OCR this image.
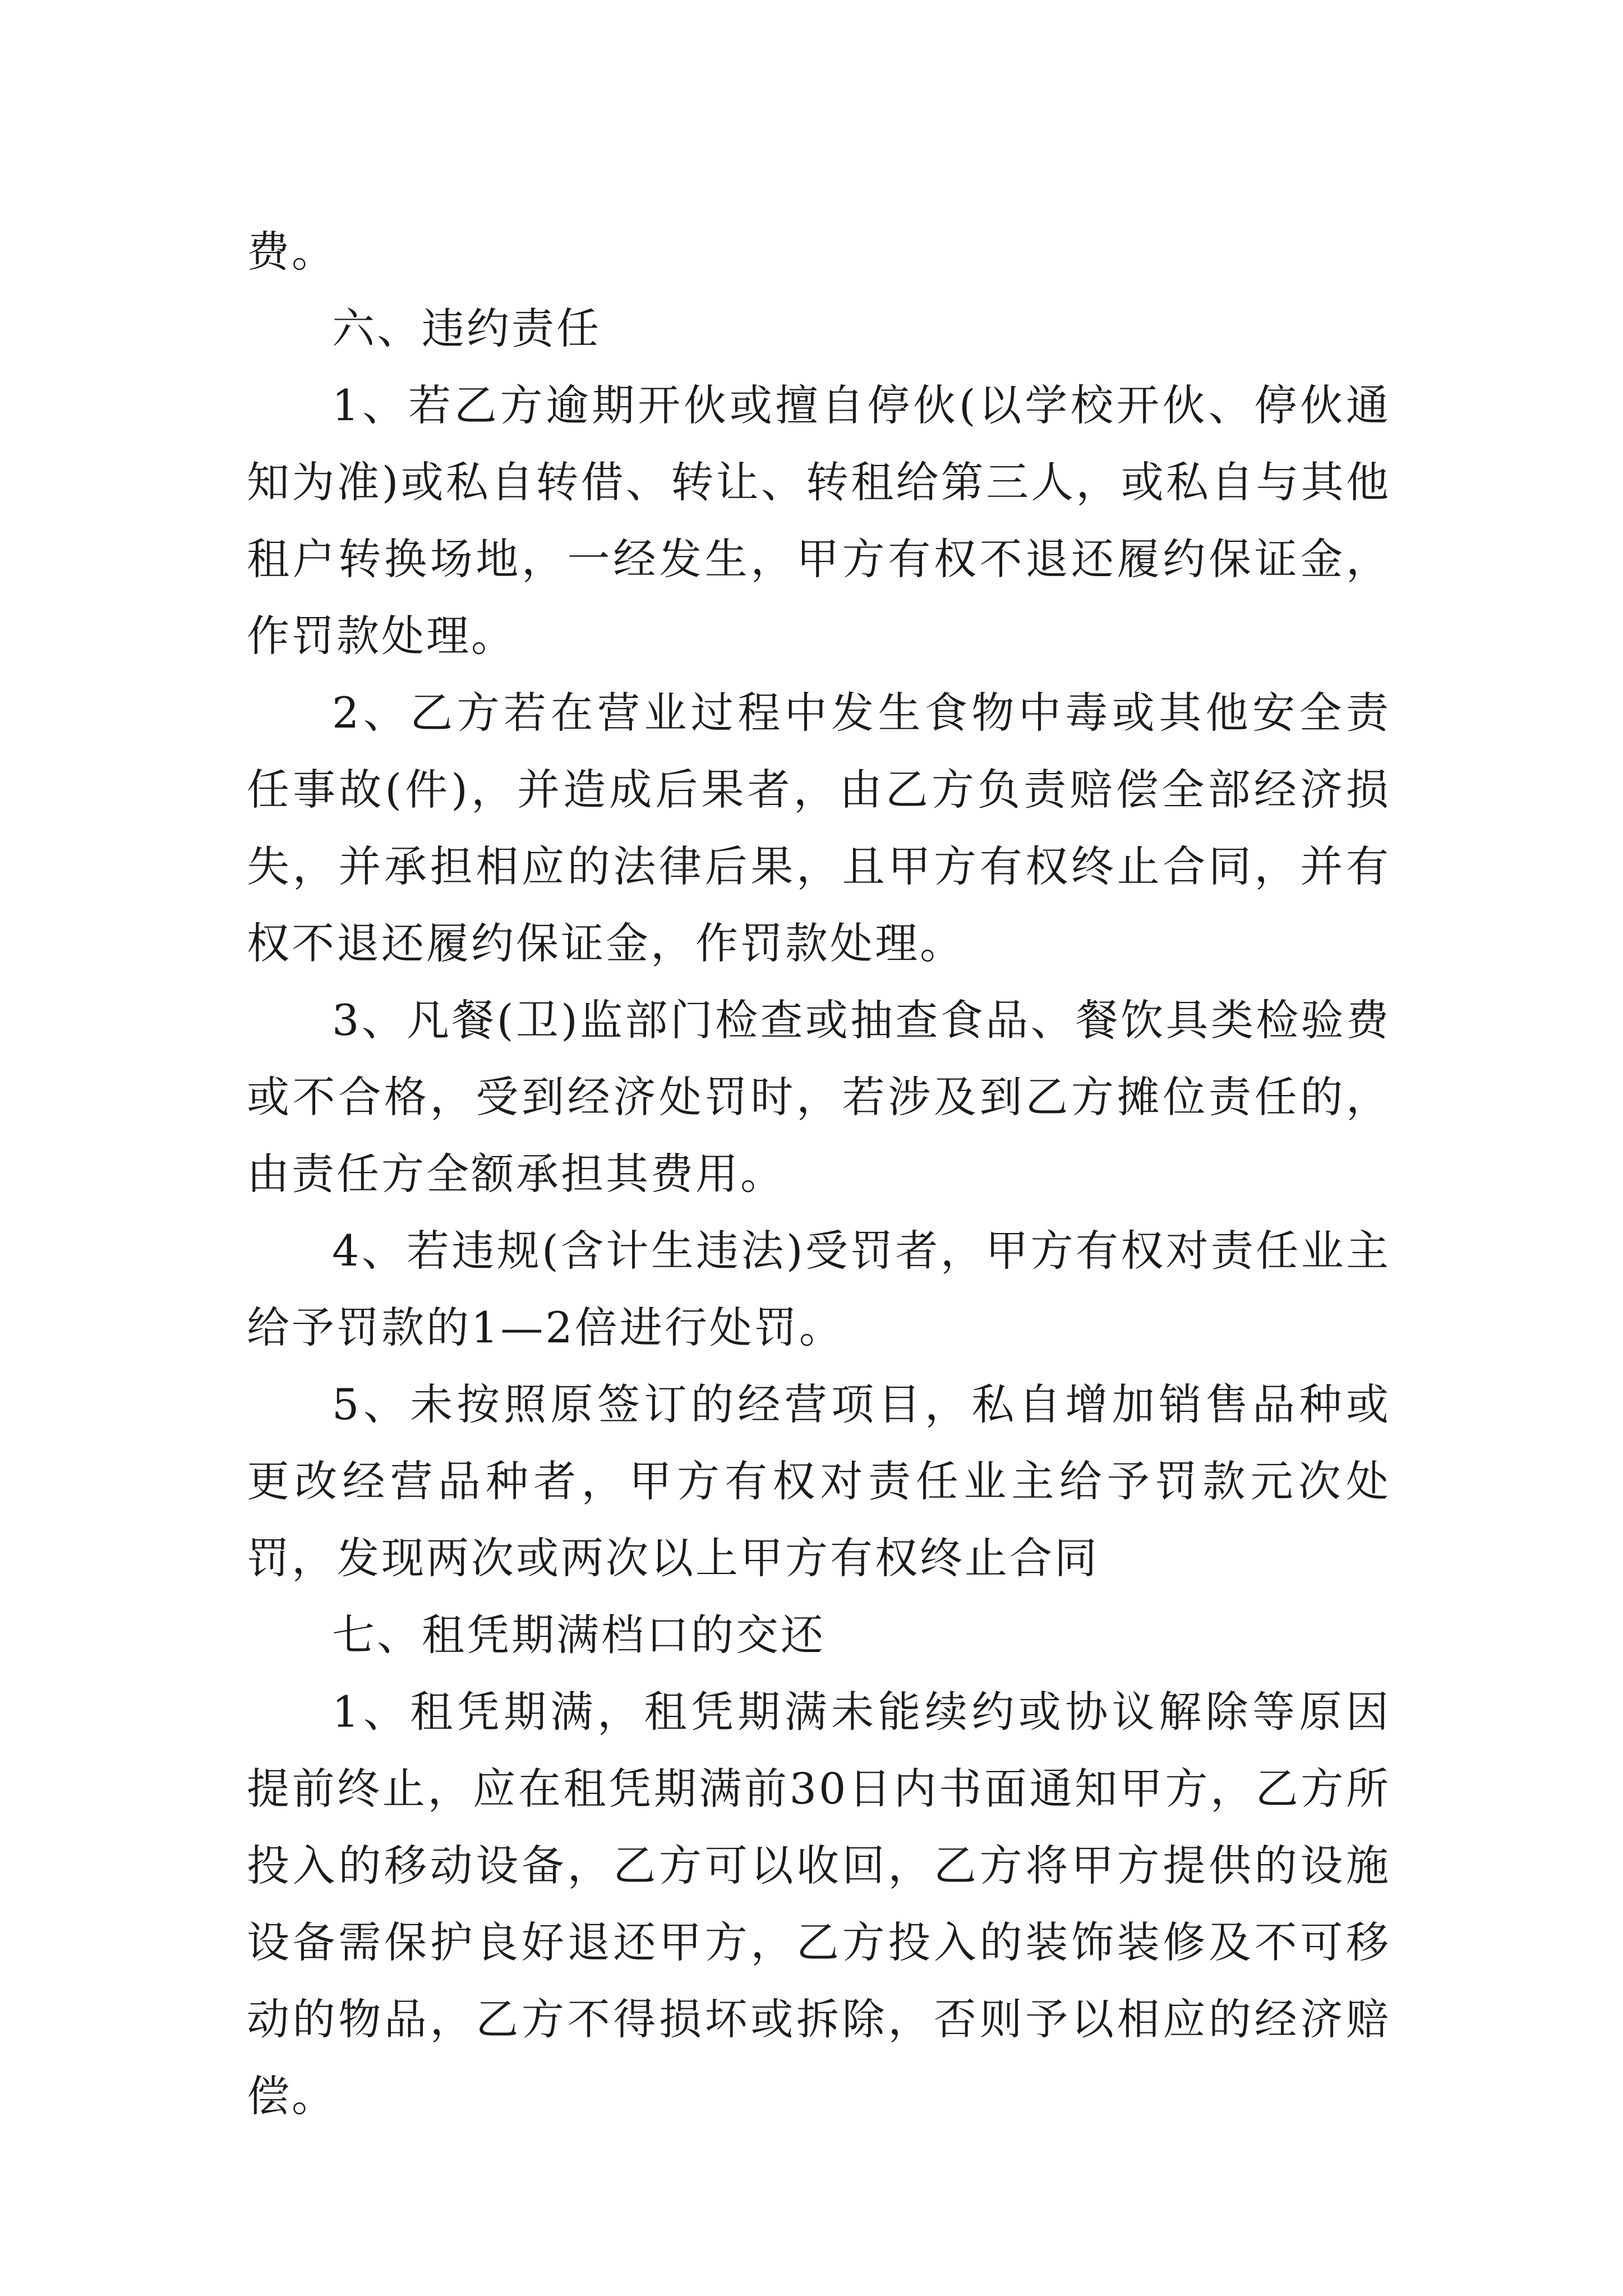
费。

六、违约责任

1、若乙方逾期开伙或擅自停伙(以学校开伙、停伙通知为准)或私自转借、转让、转租给第三人，或私自与其他租户转换场地，一经发生，甲方有权不退还履约保证金，作罚款处理。

2、乙方若在营业过程中发生食物中毒或其他安全责任事故(件)，并造成后果者，由乙方负责赔偿全部经济损失，并承担相应的法律后果，且甲方有权终止合同，并有权不退还履约保证金，作罚款处理。

3、凡餐(卫)监部门检查或抽查食品、餐饮具类检验费或不合格，受到经济处罚时，若涉及到乙方摊位责任的，由责任方全额承担其费用。

4、若违规(含计生违法)受罚者，甲方有权对责任业主给予罚款的1—2倍进行处罚。

5、未按照原签订的经营项目，私自增加销售品种或更改经营品种者，甲方有权对责任业主给予罚款元次处罚，发现两次或两次以上甲方有权终止合同

七、租凭期满档口的交还

1、租凭期满，租凭期满未能续约或协议解除等原因提前终止，应在租凭期满前30日内书面通知甲方，乙方所投入的移动设备，乙方可以收回，乙方将甲方提供的设施设备需保护良好退还甲方，乙方投入的装饰装修及不可移动的物品，乙方不得损坏或拆除，否则予以相应的经济赔偿。
